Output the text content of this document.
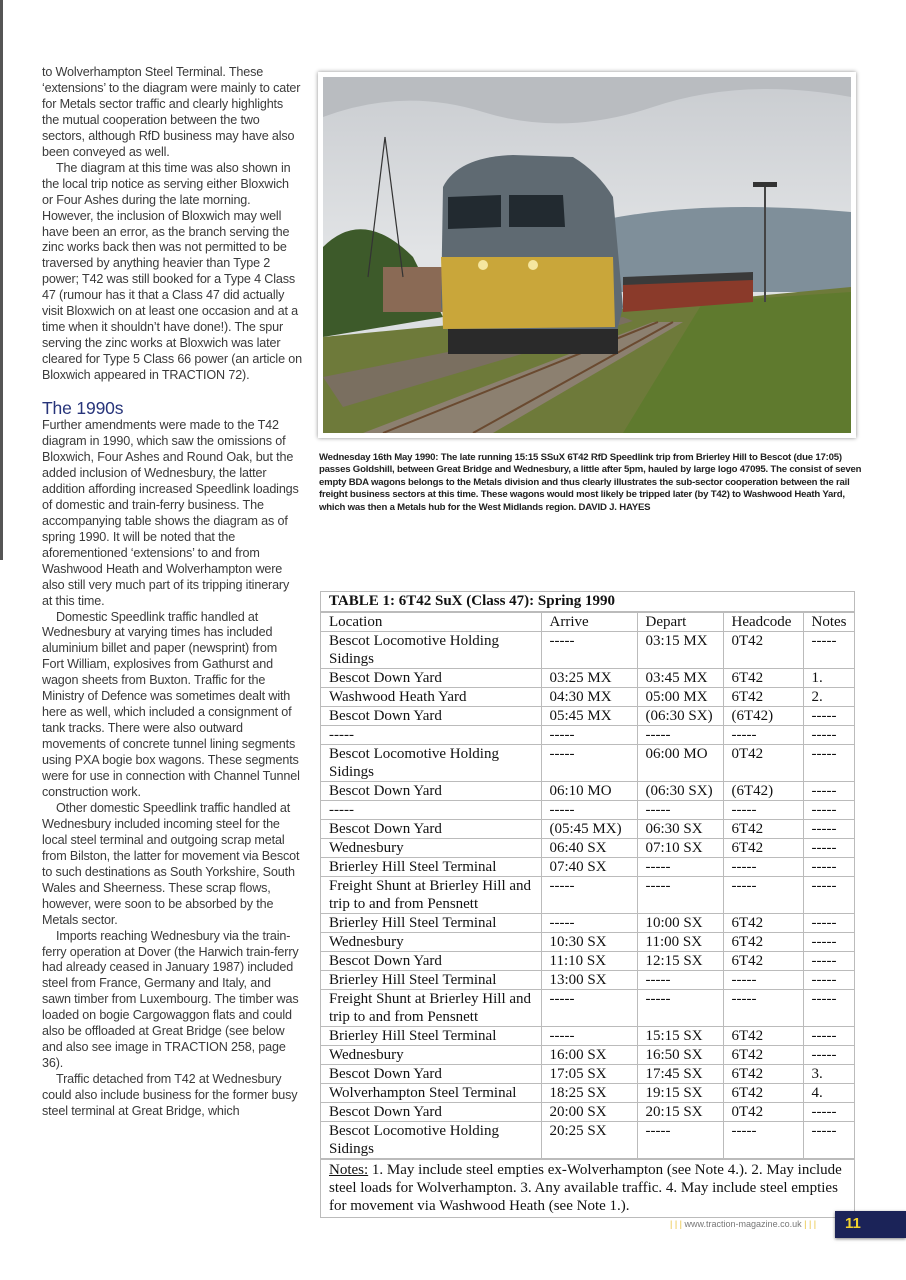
to Wolverhampton Steel Terminal. These ‘extensions’ to the diagram were mainly to cater for Metals sector traffic and clearly highlights the mutual cooperation between the two sectors, although RfD business may have also been conveyed as well.

The diagram at this time was also shown in the local trip notice as serving either Bloxwich or Four Ashes during the late morning. However, the inclusion of Bloxwich may well have been an error, as the branch serving the zinc works back then was not permitted to be traversed by anything heavier than Type 2 power; T42 was still booked for a Type 4 Class 47 (rumour has it that a Class 47 did actually visit Bloxwich on at least one occasion and at a time when it shouldn’t have done!). The spur serving the zinc works at Bloxwich was later cleared for Type 5 Class 66 power (an article on Bloxwich appeared in TRACTION 72).

The 1990s

Further amendments were made to the T42 diagram in 1990, which saw the omissions of Bloxwich, Four Ashes and Round Oak, but the added inclusion of Wednesbury, the latter addition affording increased Speedlink loadings of domestic and train-ferry business. The accompanying table shows the diagram as of spring 1990. It will be noted that the aforementioned ‘extensions’ to and from Washwood Heath and Wolverhampton were also still very much part of its tripping itinerary at this time.

Domestic Speedlink traffic handled at Wednesbury at varying times has included aluminium billet and paper (newsprint) from Fort William, explosives from Gathurst and wagon sheets from Buxton. Traffic for the Ministry of Defence was sometimes dealt with here as well, which included a consignment of tank tracks. There were also outward movements of concrete tunnel lining segments using PXA bogie box wagons. These segments were for use in connection with Channel Tunnel construction work.

Other domestic Speedlink traffic handled at Wednesbury included incoming steel for the local steel terminal and outgoing scrap metal from Bilston, the latter for movement via Bescot to such destinations as South Yorkshire, South Wales and Sheerness. These scrap flows, however, were soon to be absorbed by the Metals sector.

Imports reaching Wednesbury via the train-ferry operation at Dover (the Harwich train-ferry had already ceased in January 1987) included steel from France, Germany and Italy, and sawn timber from Luxembourg. The timber was loaded on bogie Cargowaggon flats and could also be offloaded at Great Bridge (see below and also see image in TRACTION 258, page 36).

Traffic detached from T42 at Wednesbury could also include business for the former busy steel terminal at Great Bridge, which

Wednesday 16th May 1990: The late running 15:15 SSuX 6T42 RfD Speedlink trip from Brierley Hill to Bescot (due 17:05) passes Goldshill, between Great Bridge and Wednesbury, a little after 5pm, hauled by large logo 47095. The consist of seven empty BDA wagons belongs to the Metals division and thus clearly illustrates the sub-sector cooperation between the rail freight business sectors at this time. These wagons would most likely be tripped later (by T42) to Washwood Heath Yard, which was then a Metals hub for the West Midlands region. DAVID J. HAYES
TABLE 1: 6T42 SuX (Class 47): Spring 1990
Location	Arrive	Depart	Headcode	Notes
Bescot Locomotive Holding Sidings	-----	03:15 MX	0T42	-----
Bescot Down Yard	03:25 MX	03:45 MX	6T42	1.
Washwood Heath Yard	04:30 MX	05:00 MX	6T42	2.
Bescot Down Yard	05:45 MX	(06:30 SX)	(6T42)	-----
-----	-----	-----	-----	-----
Bescot Locomotive Holding Sidings	-----	06:00 MO	0T42	-----
Bescot Down Yard	06:10 MO	(06:30 SX)	(6T42)	-----
-----	-----	-----	-----	-----
Bescot Down Yard	(05:45 MX)	06:30 SX	6T42	-----
Wednesbury	06:40 SX	07:10 SX	6T42	-----
Brierley Hill Steel Terminal	07:40 SX	-----	-----	-----
Freight Shunt at Brierley Hill and trip to and from Pensnett	-----	-----	-----	-----
Brierley Hill Steel Terminal	-----	10:00 SX	6T42	-----
Wednesbury	10:30 SX	11:00 SX	6T42	-----
Bescot Down Yard	11:10 SX	12:15 SX	6T42	-----
Brierley Hill Steel Terminal	13:00 SX	-----	-----	-----
Freight Shunt at Brierley Hill and trip to and from Pensnett	-----	-----	-----	-----
Brierley Hill Steel Terminal	-----	15:15 SX	6T42	-----
Wednesbury	16:00 SX	16:50 SX	6T42	-----
Bescot Down Yard	17:05 SX	17:45 SX	6T42	3.
Wolverhampton Steel Terminal	18:25 SX	19:15 SX	6T42	4.
Bescot Down Yard	20:00 SX	20:15 SX	0T42	-----
Bescot Locomotive Holding Sidings	20:25 SX	-----	-----	-----
Notes: 1. May include steel empties ex-Wolverhampton (see Note 4.). 2. May include steel loads for Wolverhampton. 3. Any available traffic. 4. May include steel empties for movement via Washwood Heath (see Note 1.).
| | | www.traction-magazine.co.uk | | | 11
